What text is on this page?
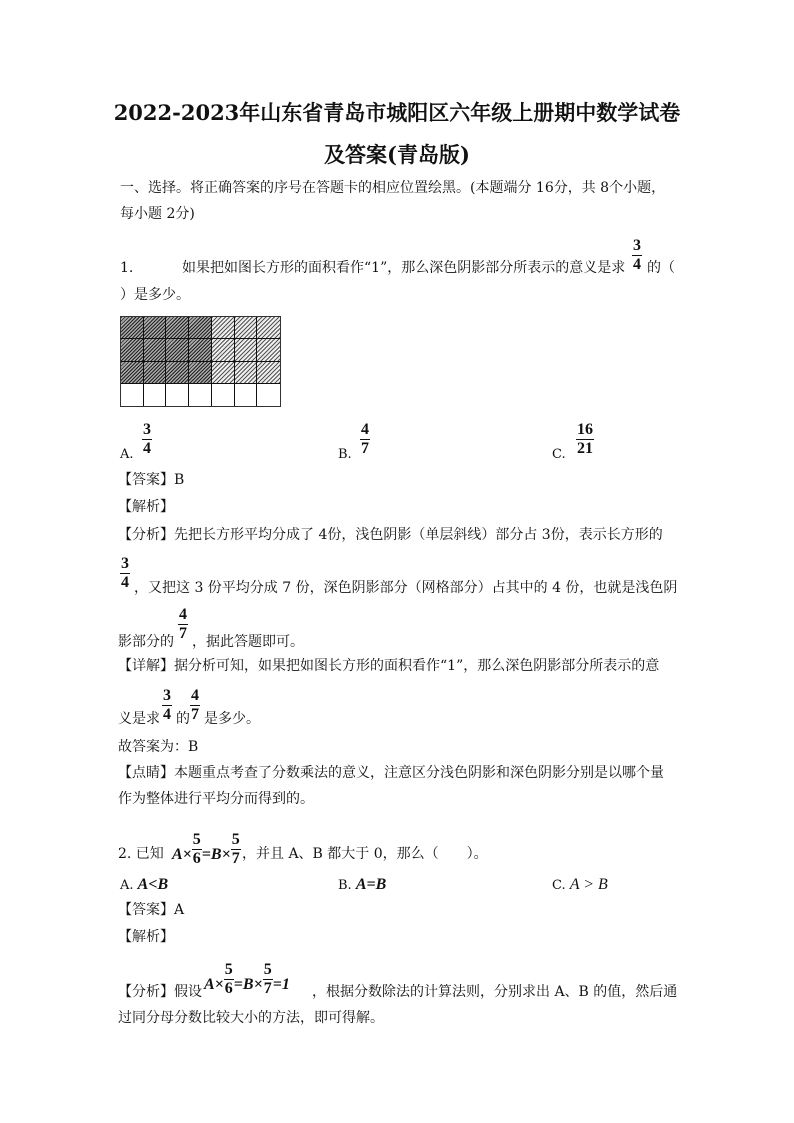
2022-2023年山东省青岛市城阳区六年级上册期中数学试卷
及答案(青岛版)
一、选择。将正确答案的序号在答题卡的相应位置绘黑。(本题端分 16分，共 8个小题，
每小题 2分)
1.	如果把如图长方形的面积看作“1”，那么深色阴影部分所表示的意义是求 $\frac{3}{4}$ 的（
）是多少。
A. $\frac{3}{4}$	B. $\frac{4}{7}$	C. $\frac{16}{21}$
【答案】B
【解析】
【分析】先把长方形平均分成了 4份，浅色阴影（单层斜线）部分占 3份，表示长方形的
$\frac{3}{4}$ ，又把这 3 份平均分成 7 份，深色阴影部分（网格部分）占其中的 4 份，也就是浅色阴
影部分的 $\frac{4}{7}$ ，据此答题即可。
【详解】据分析可知，如果把如图长方形的面积看作“1”，那么深色阴影部分所表示的意
义是求 $\frac{3}{4}$ 的 $\frac{4}{7}$ 是多少。
故答案为：B
【点睛】本题重点考查了分数乘法的意义，注意区分浅色阴影和深色阴影分别是以哪个量
作为整体进行平均分而得到的。
2. 已知 $A\times \frac{5}{6} =B\times \frac{5}{7}$ ，并且 A、B 都大于 0，那么（　　）。
A. A<B	B. A=B	C. A > B
【答案】A
【解析】
【分析】假设 $A\times \frac{5}{6} =B\times \frac{5}{7} =1$ ，根据分数除法的计算法则，分别求出 A、B 的值，然后通
过同分母分数比较大小的方法，即可得解。
